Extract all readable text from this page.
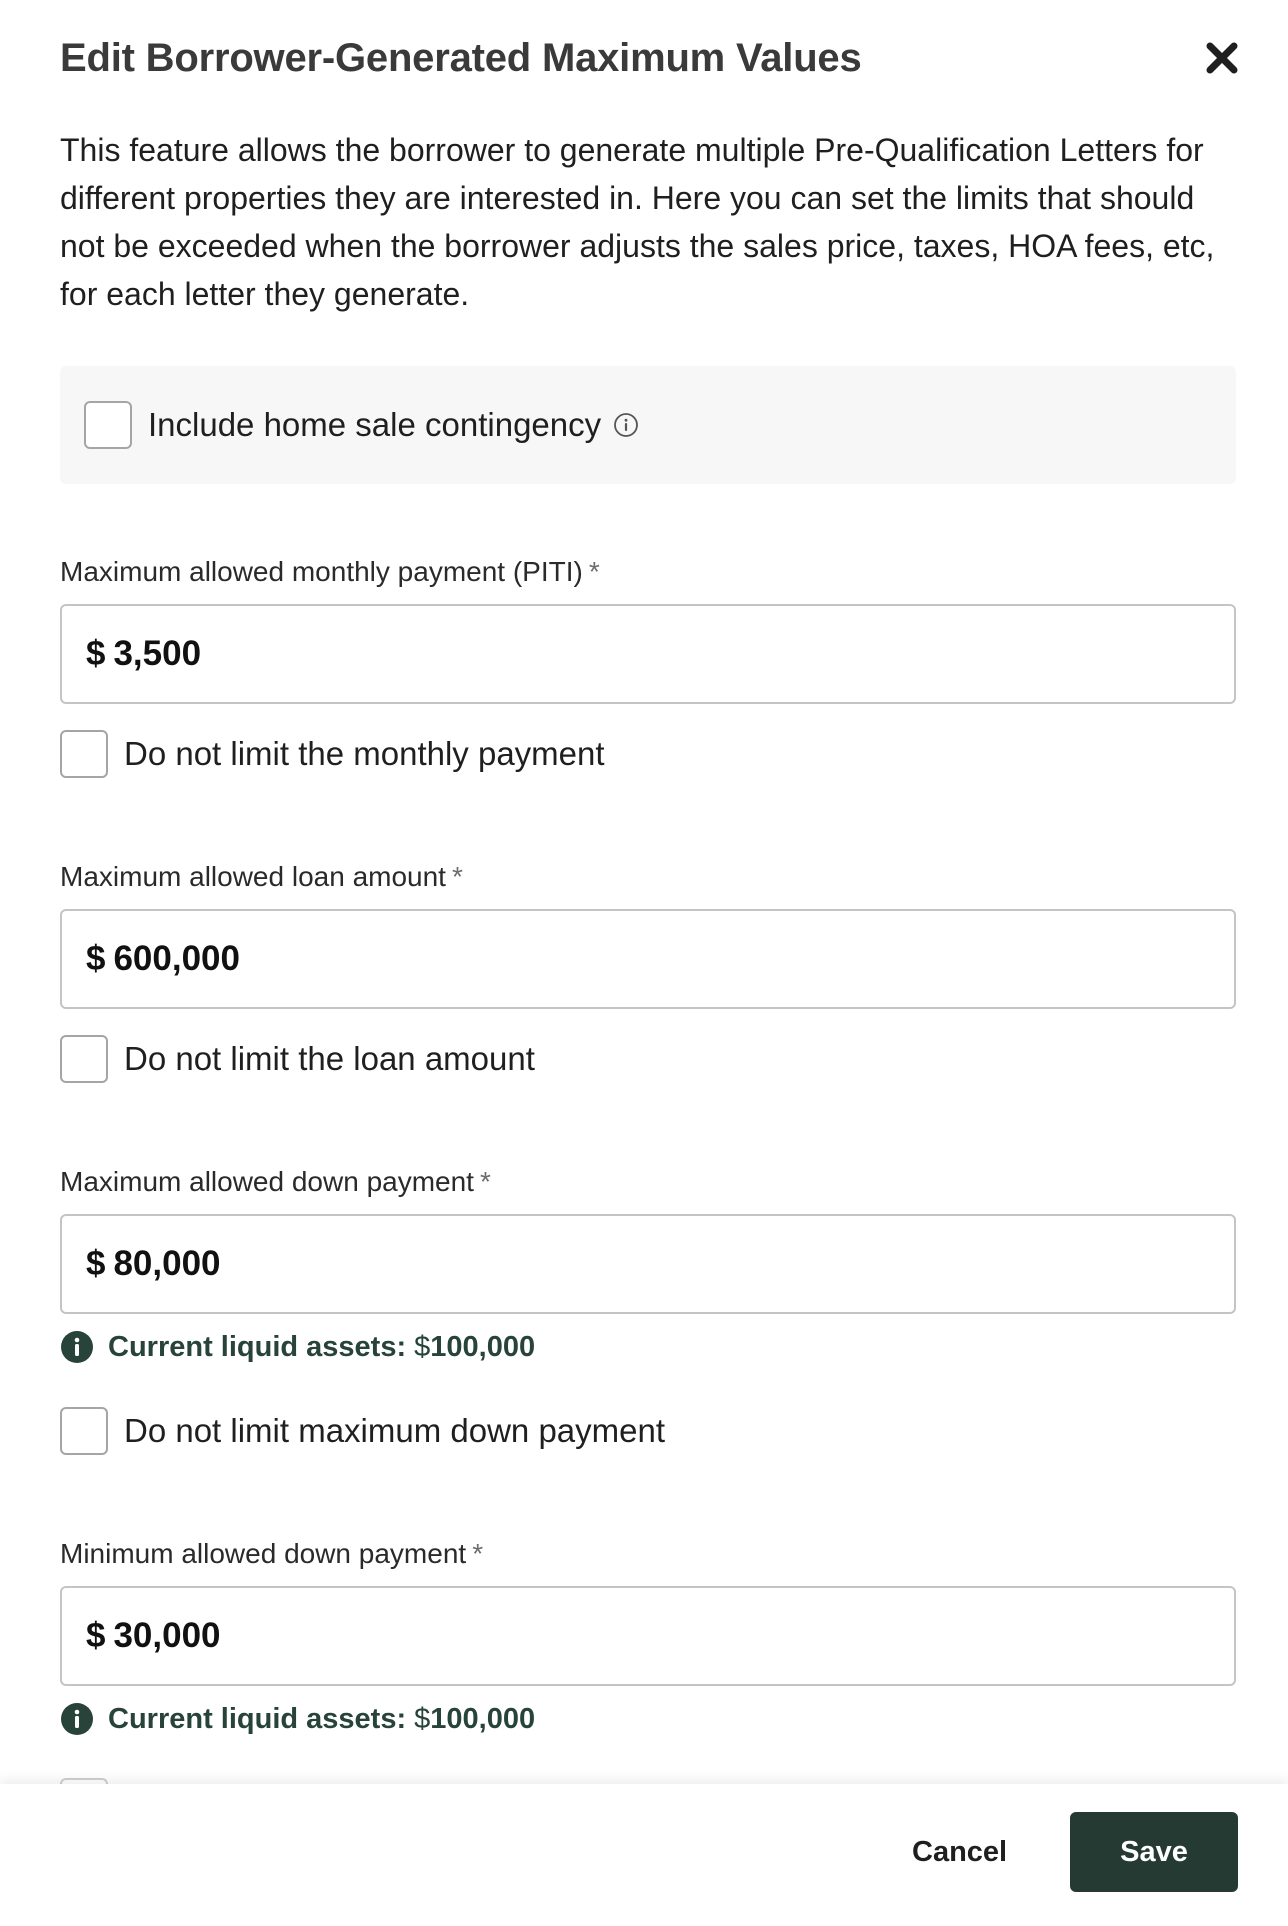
Edit Borrower-Generated Maximum Values

This feature allows the borrower to generate multiple Pre-Qualification Letters for different properties they are interested in. Here you can set the limits that should not be exceeded when the borrower adjusts the sales price, taxes, HOA fees, etc, for each letter they generate.

Include home sale contingency
Maximum allowed monthly payment (PITI) *
$ 3,500
Do not limit the monthly payment
Maximum allowed loan amount *
$ 600,000
Do not limit the loan amount
Maximum allowed down payment *
$ 80,000
Current liquid assets: $100,000
Do not limit maximum down payment
Minimum allowed down payment *
$ 30,000
Current liquid assets: $100,000
Cancel	Save
